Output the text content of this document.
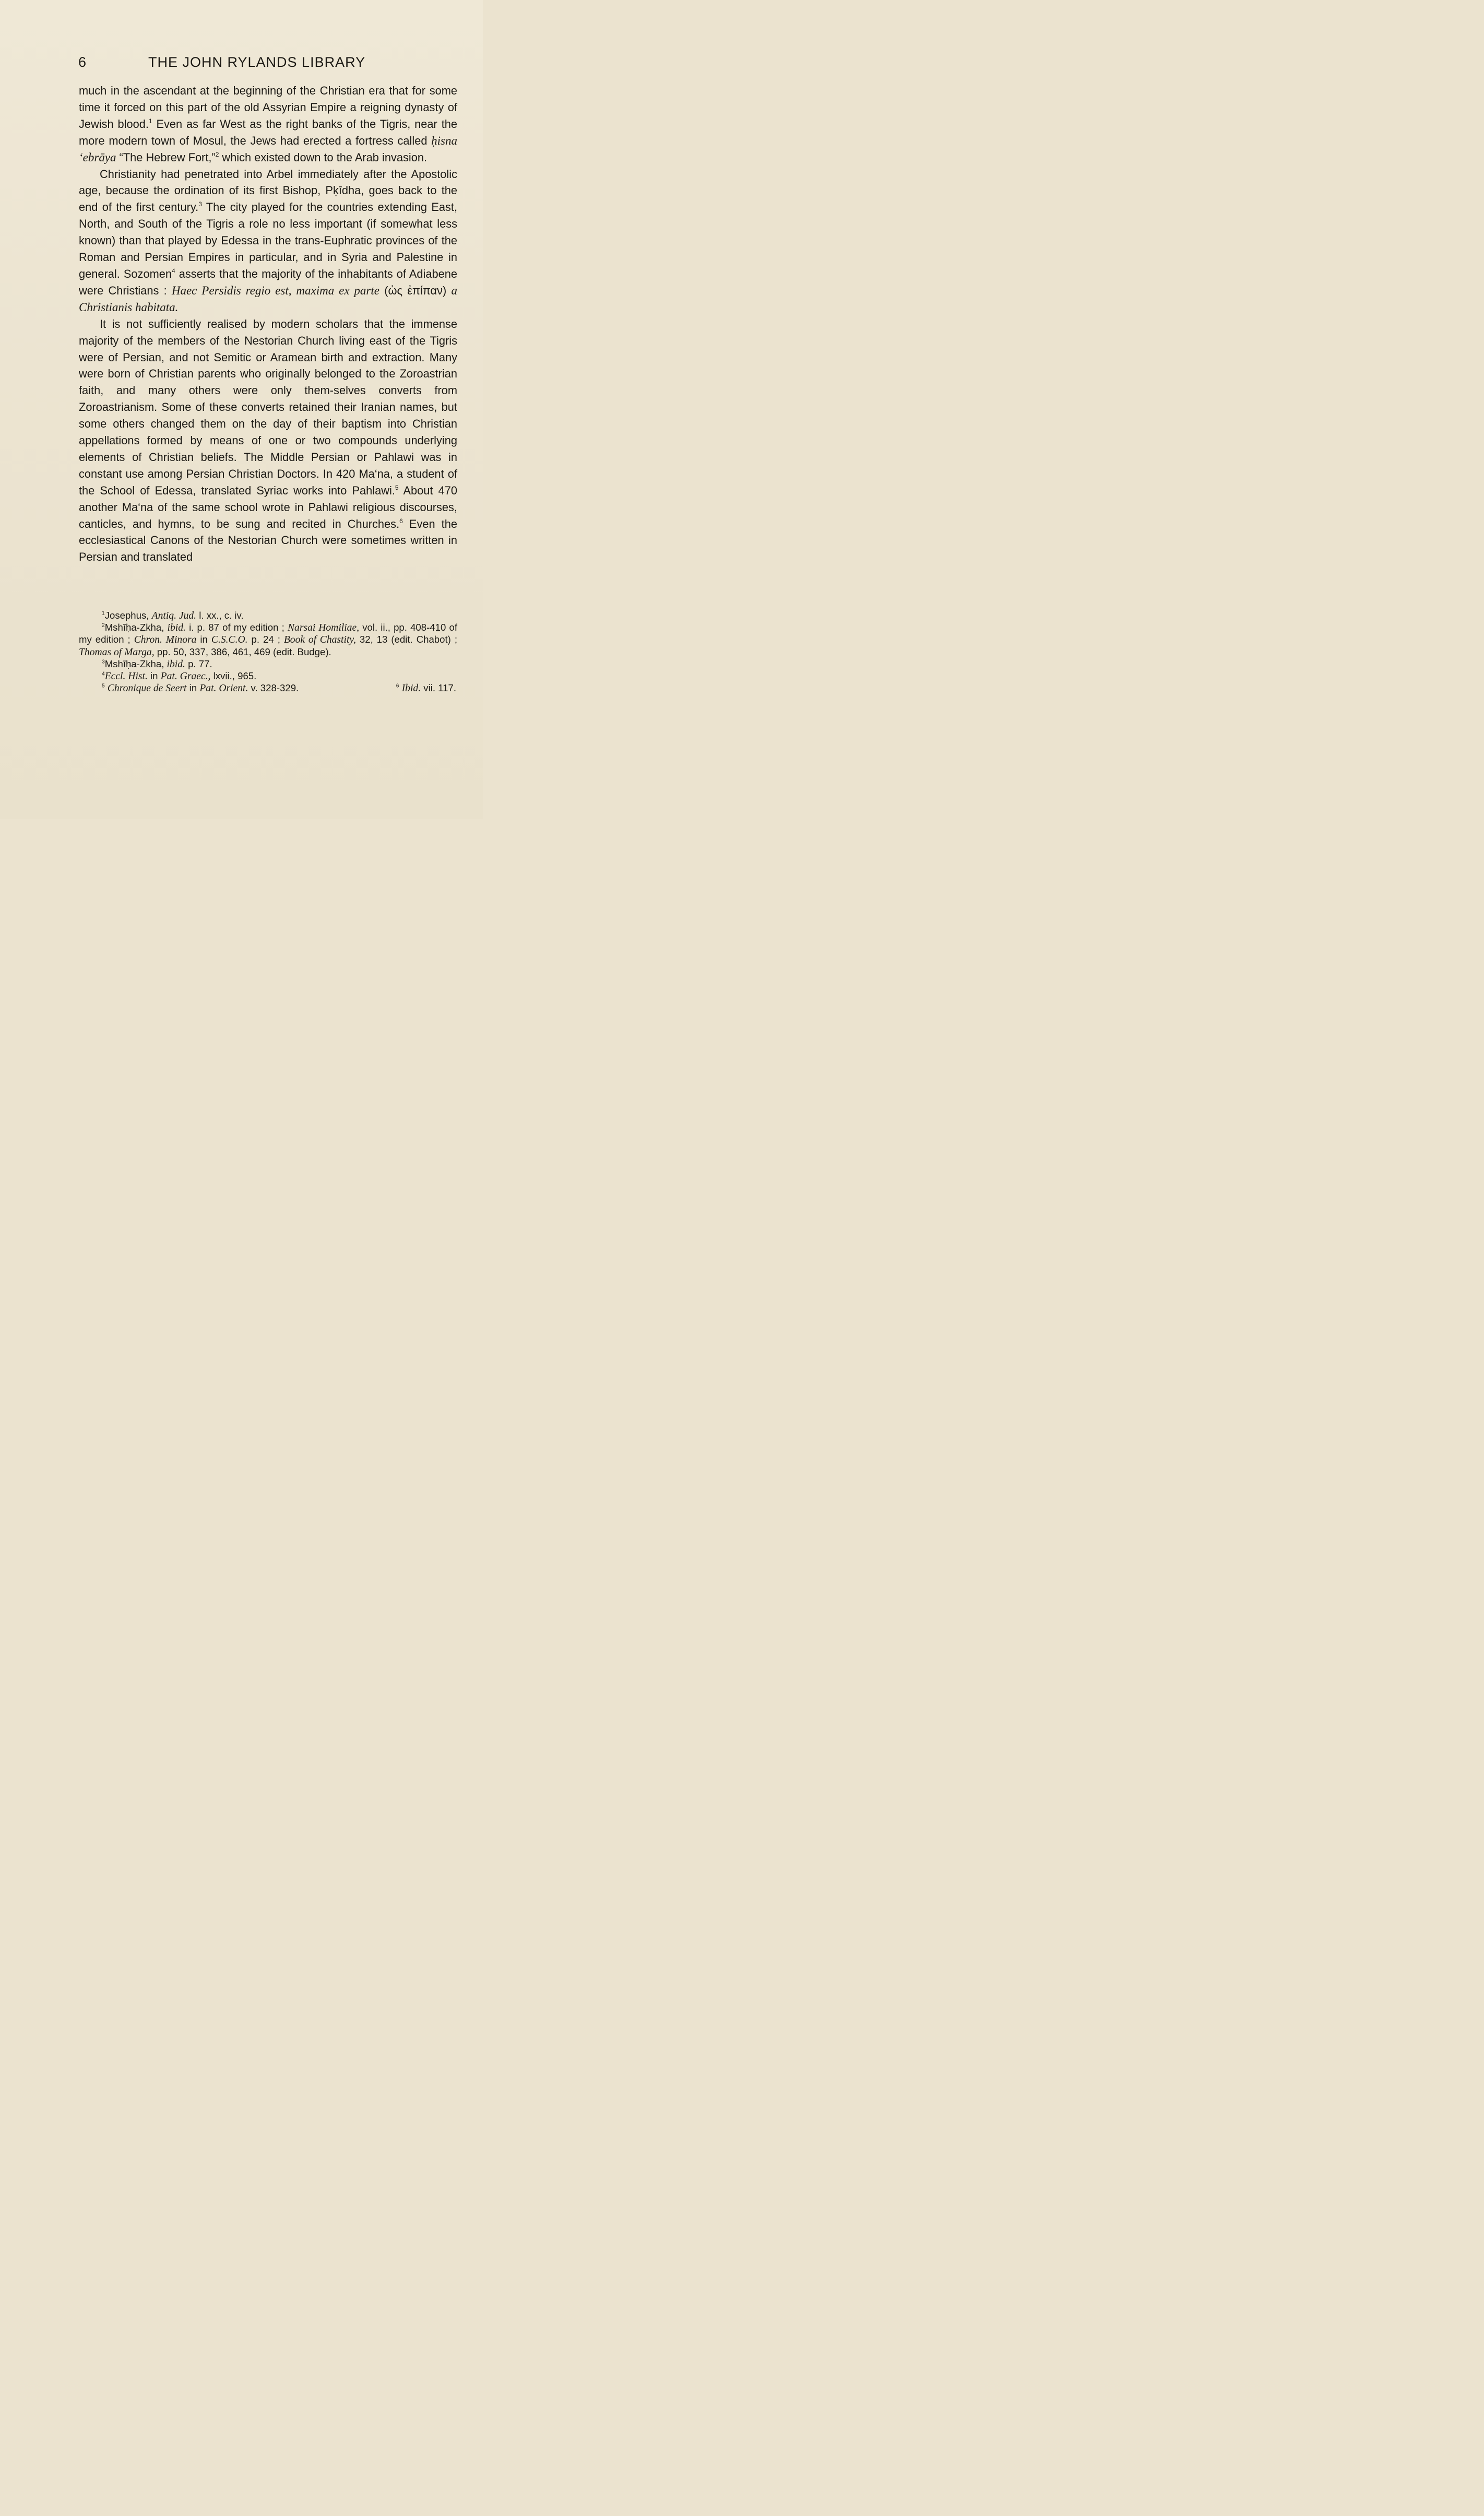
6	THE JOHN RYLANDS LIBRARY

much in the ascendant at the beginning of the Christian era that for some time it forced on this part of the old Assyrian Empire a reigning dynasty of Jewish blood.$^1$ Even as far West as the right banks of the Tigris, near the more modern town of Mosul, the Jews had erected a fortress called ḥisna ‘ebrāya “The Hebrew Fort,”$^2$ which existed down to the Arab invasion.

Christianity had penetrated into Arbel immediately after the Apostolic age, because the ordination of its first Bishop, Pḳīdha, goes back to the end of the first century.$^3$ The city played for the countries extending East, North, and South of the Tigris a role no less important (if somewhat less known) than that played by Edessa in the trans-Euphratic provinces of the Roman and Persian Empires in particular, and in Syria and Palestine in general. Sozomen$^4$ asserts that the majority of the inhabitants of Adiabene were Christians : Haec Persidis regio est, maxima ex parte (ὡς ἐπίπαν) a Christianis habitata.

It is not sufficiently realised by modern scholars that the immense majority of the members of the Nestorian Church living east of the Tigris were of Persian, and not Semitic or Aramean birth and extraction. Many were born of Christian parents who originally belonged to the Zoroastrian faith, and many others were only them-selves converts from Zoroastrianism. Some of these converts retained their Iranian names, but some others changed them on the day of their baptism into Christian appellations formed by means of one or two compounds underlying elements of Christian beliefs. The Middle Persian or Pahlawi was in constant use among Persian Christian Doctors. In 420 Ma‘na, a student of the School of Edessa, translated Syriac works into Pahlawi.$^5$ About 470 another Ma‘na of the same school wrote in Pahlawi religious discourses, canticles, and hymns, to be sung and recited in Churches.$^6$ Even the ecclesiastical Canons of the Nestorian Church were sometimes written in Persian and translated

$^1$Josephus, Antiq. Jud. l. xx., c. iv.

$^2$Mshīḥa-Zkha, ibid. i. p. 87 of my edition ; Narsai Homiliae, vol. ii., pp. 408-410 of my edition ; Chron. Minora in C.S.C.O. p. 24 ; Book of Chastity, 32, 13 (edit. Chabot) ; Thomas of Marga, pp. 50, 337, 386, 461, 469 (edit. Budge).

$^3$Mshīḥa-Zkha, ibid. p. 77.

$^4$Eccl. Hist. in Pat. Graec., lxvii., 965.

$^5$ Chronique de Seert in Pat. Orient. v. 328-329.	$^6$ Ibid. vii. 117.
